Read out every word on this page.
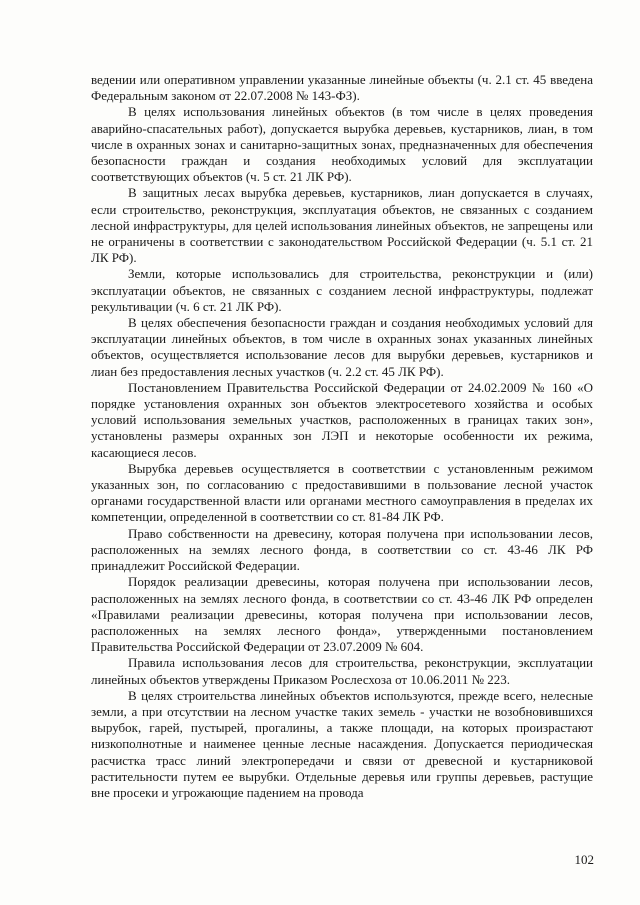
ведении или оперативном управлении указанные линейные объекты (ч. 2.1 ст. 45 введена Федеральным законом от 22.07.2008 № 143-ФЗ).

В целях использования линейных объектов (в том числе в целях проведения аварийно-спасательных работ), допускается вырубка деревьев, кустарников, лиан, в том числе в охранных зонах и санитарно-защитных зонах, предназначенных для обеспечения безопасности граждан и создания необходимых условий для эксплуатации соответствующих объектов (ч. 5 ст. 21 ЛК РФ).

В защитных лесах вырубка деревьев, кустарников, лиан допускается в случаях, если строительство, реконструкция, эксплуатация объектов, не связанных с созданием лесной инфраструктуры, для целей использования линейных объектов, не запрещены или не ограничены в соответствии с законодательством Российской Федерации (ч. 5.1 ст. 21 ЛК РФ).

Земли, которые использовались для строительства, реконструкции и (или) эксплуатации объектов, не связанных с созданием лесной инфраструктуры, подлежат рекультивации (ч. 6 ст. 21 ЛК РФ).

В целях обеспечения безопасности граждан и создания необходимых условий для эксплуатации линейных объектов, в том числе в охранных зонах указанных линейных объектов, осуществляется использование лесов для вырубки деревьев, кустарников и лиан без предоставления лесных участков (ч. 2.2 ст. 45 ЛК РФ).

Постановлением Правительства Российской Федерации от 24.02.2009 № 160 «О порядке установления охранных зон объектов электросетевого хозяйства и особых условий использования земельных участков, расположенных в границах таких зон», установлены размеры охранных зон ЛЭП и некоторые особенности их режима, касающиеся лесов.

Вырубка деревьев осуществляется в соответствии с установленным режимом указанных зон, по согласованию с предоставившими в пользование лесной участок органами государственной власти или органами местного самоуправления в пределах их компетенции, определенной в соответствии со ст. 81-84 ЛК РФ.

Право собственности на древесину, которая получена при использовании лесов, расположенных на землях лесного фонда, в соответствии со ст. 43-46 ЛК РФ принадлежит Российской Федерации.

Порядок реализации древесины, которая получена при использовании лесов, расположенных на землях лесного фонда, в соответствии со ст. 43-46 ЛК РФ определен «Правилами реализации древесины, которая получена при использовании лесов, расположенных на землях лесного фонда», утвержденными постановлением Правительства Российской Федерации от 23.07.2009 № 604.

Правила использования лесов для строительства, реконструкции, эксплуатации линейных объектов утверждены Приказом Рослесхоза от 10.06.2011 № 223.

В целях строительства линейных объектов используются, прежде всего, нелесные земли, а при отсутствии на лесном участке таких земель - участки не возобновившихся вырубок, гарей, пустырей, прогалины, а также площади, на которых произрастают низкополнотные и наименее ценные лесные насаждения. Допускается периодическая расчистка трасс линий электропередачи и связи от древесной и кустарниковой растительности путем ее вырубки. Отдельные деревья или группы деревьев, растущие вне просеки и угрожающие падением на провода

102
